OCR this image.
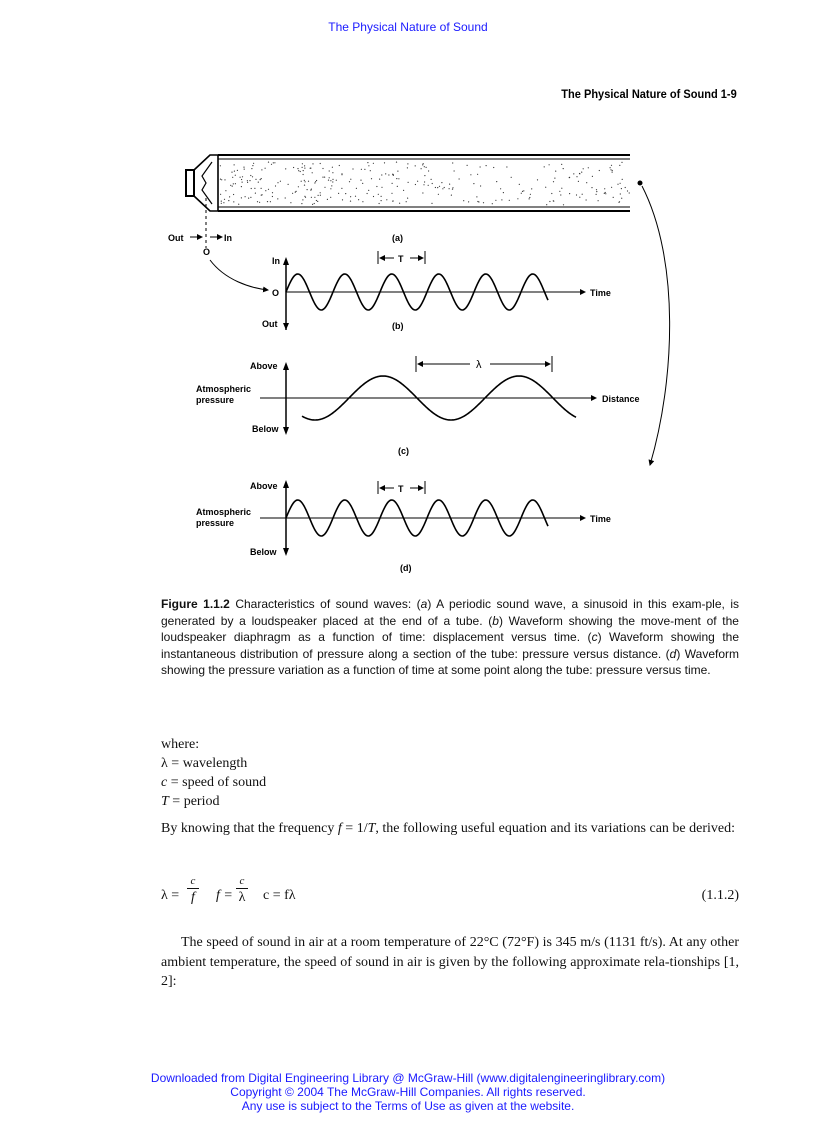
The Physical Nature of Sound
The Physical Nature of Sound 1-9
Out	In
O
(a)
In
O
Out
T
Time
(b)
Above
Atmospheric
pressure
Below
λ
Distance
(c)
Above
Atmospheric
pressure
Below
T
Time
(d)
Figure 1.1.2 Characteristics of sound waves: (a) A periodic sound wave, a sinusoid in this exam-ple, is generated by a loudspeaker placed at the end of a tube. (b) Waveform showing the move-ment of the loudspeaker diaphragm as a function of time: displacement versus time. (c) Waveform showing the instantaneous distribution of pressure along a section of the tube: pressure versus distance. (d) Waveform showing the pressure variation as a function of time at some point along the tube: pressure versus time.
where:
λ = wavelength
c = speed of sound
T = period
By knowing that the frequency f = 1/T, the following useful equation and its variations can be derived:
λ =
c
f f =
c
λ c = fλ	(1.1.2)
The speed of sound in air at a room temperature of 22°C (72°F) is 345 m/s (1131 ft/s). At any other ambient temperature, the speed of sound in air is given by the following approximate rela-tionships [1, 2]:
Downloaded from Digital Engineering Library @ McGraw-Hill (www.digitalengineeringlibrary.com)
Copyright © 2004 The McGraw-Hill Companies. All rights reserved.
Any use is subject to the Terms of Use as given at the website.
